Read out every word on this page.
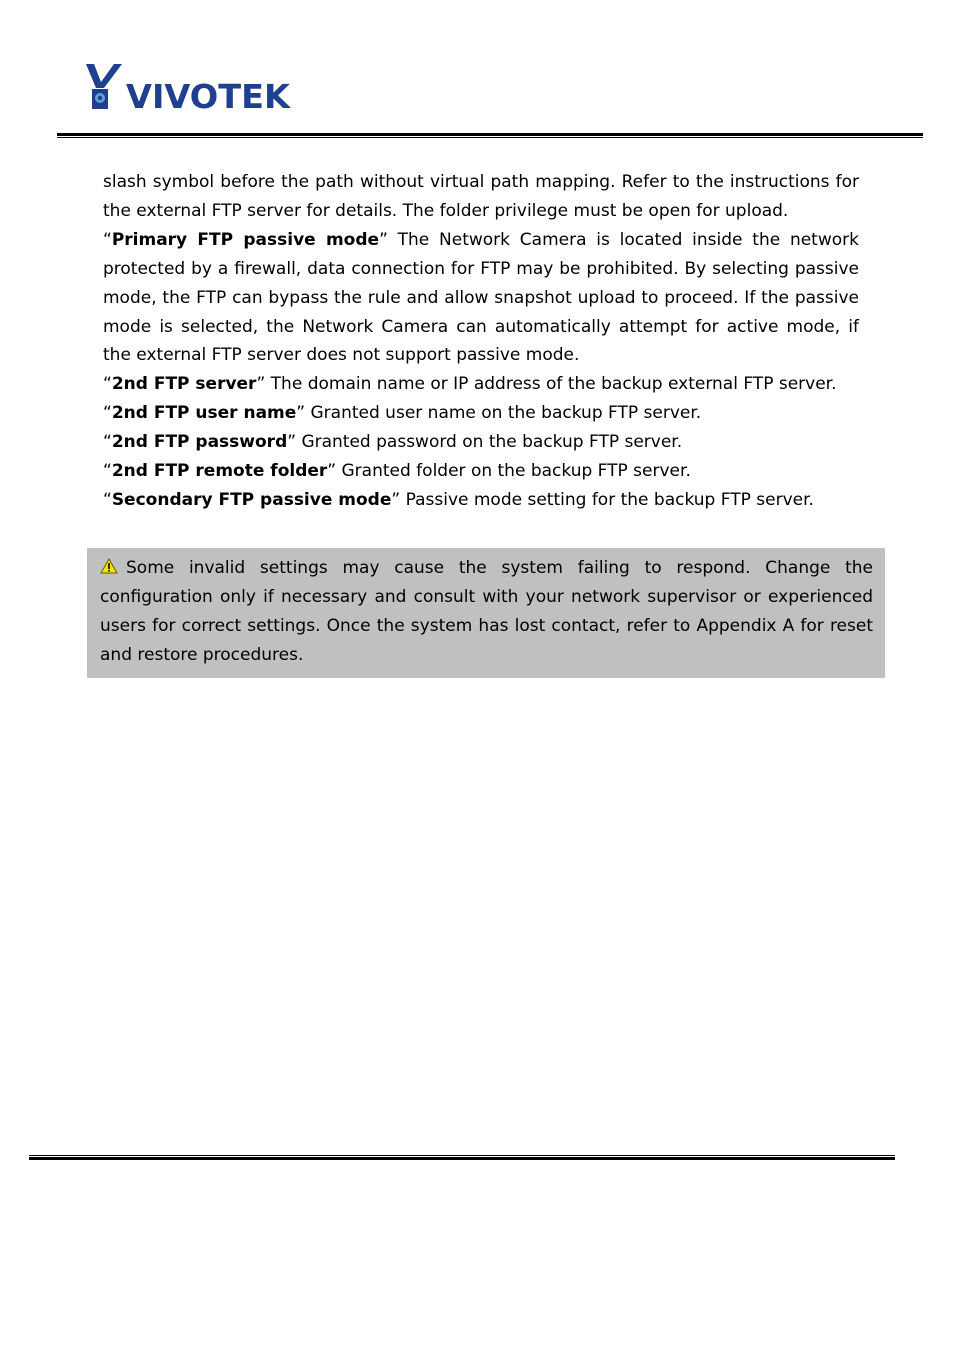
VIVOTEK

slash symbol before the path without virtual path mapping. Refer to the instructions for the external FTP server for details. The folder privilege must be open for upload.

“Primary FTP passive mode” The Network Camera is located inside the network protected by a firewall, data connection for FTP may be prohibited. By selecting passive mode, the FTP can bypass the rule and allow snapshot upload to proceed. If the passive mode is selected, the Network Camera can automatically attempt for active mode, if the external FTP server does not support passive mode.

“2nd FTP server” The domain name or IP address of the backup external FTP server.

“2nd FTP user name” Granted user name on the backup FTP server.

“2nd FTP password” Granted password on the backup FTP server.

“2nd FTP remote folder” Granted folder on the backup FTP server.

“Secondary FTP passive mode” Passive mode setting for the backup FTP server.

Some invalid settings may cause the system failing to respond. Change the configuration only if necessary and consult with your network supervisor or experienced users for correct settings. Once the system has lost contact, refer to Appendix A for reset and restore procedures.
